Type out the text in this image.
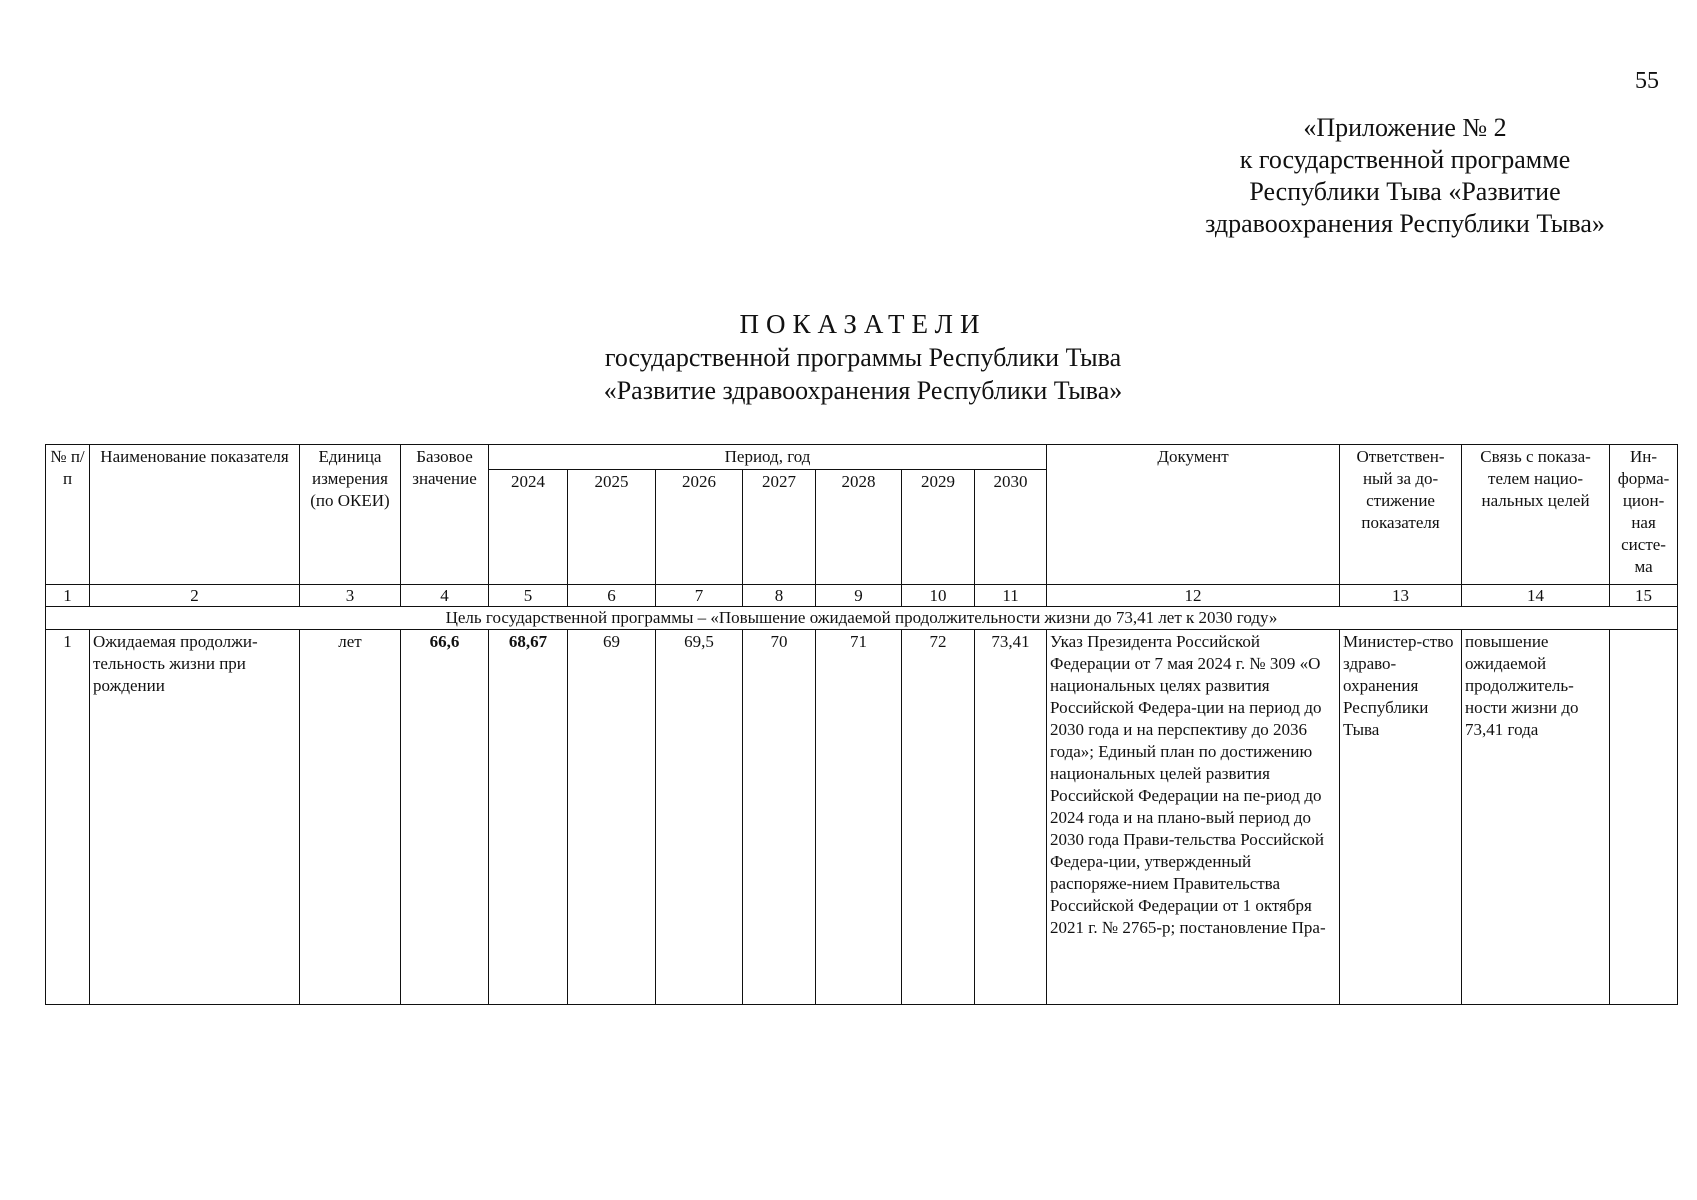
55
«Приложение № 2
к государственной программе
Республики Тыва «Развитие
здравоохранения Республики Тыва»
ПОКАЗАТЕЛИ
государственной программы Республики Тыва
«Развитие здравоохранения Республики Тыва»
№ п/п	Наименование показателя	Единица измерения (по ОКЕИ)	Базовое значение	Период, год							Документ	Ответствен-ный за до-стижение показателя	Связь с показа-телем нацио-нальных целей	Ин-форма-цион-ная систе-ма
				2024	2025	2026	2027	2028	2029	2030				
1	2	3	4	5	6	7	8	9	10	11	12	13	14	15
Цель государственной программы – «Повышение ожидаемой продолжительности жизни до 73,41 лет к 2030 году»														
1	Ожидаемая продолжи-тельность жизни при рождении	лет	66,6	68,67	69	69,5	70	71	72	73,41	Указ Президента Российской Федерации от 7 мая 2024 г. № 309 «О национальных целях развития Российской Федера-ции на период до 2030 года и на перспективу до 2036 года»; Единый план по достижению национальных целей развития Российской Федерации на пе-риод до 2024 года и на плано-вый период до 2030 года Прави-тельства Российской Федера-ции, утвержденный распоряже-нием Правительства Российской Федерации от 1 октября 2021 г. № 2765-р; постановление Пра-	Министер-ство здраво-охранения Республики Тыва	повышение ожидаемой продолжитель-ности жизни до 73,41 года	
